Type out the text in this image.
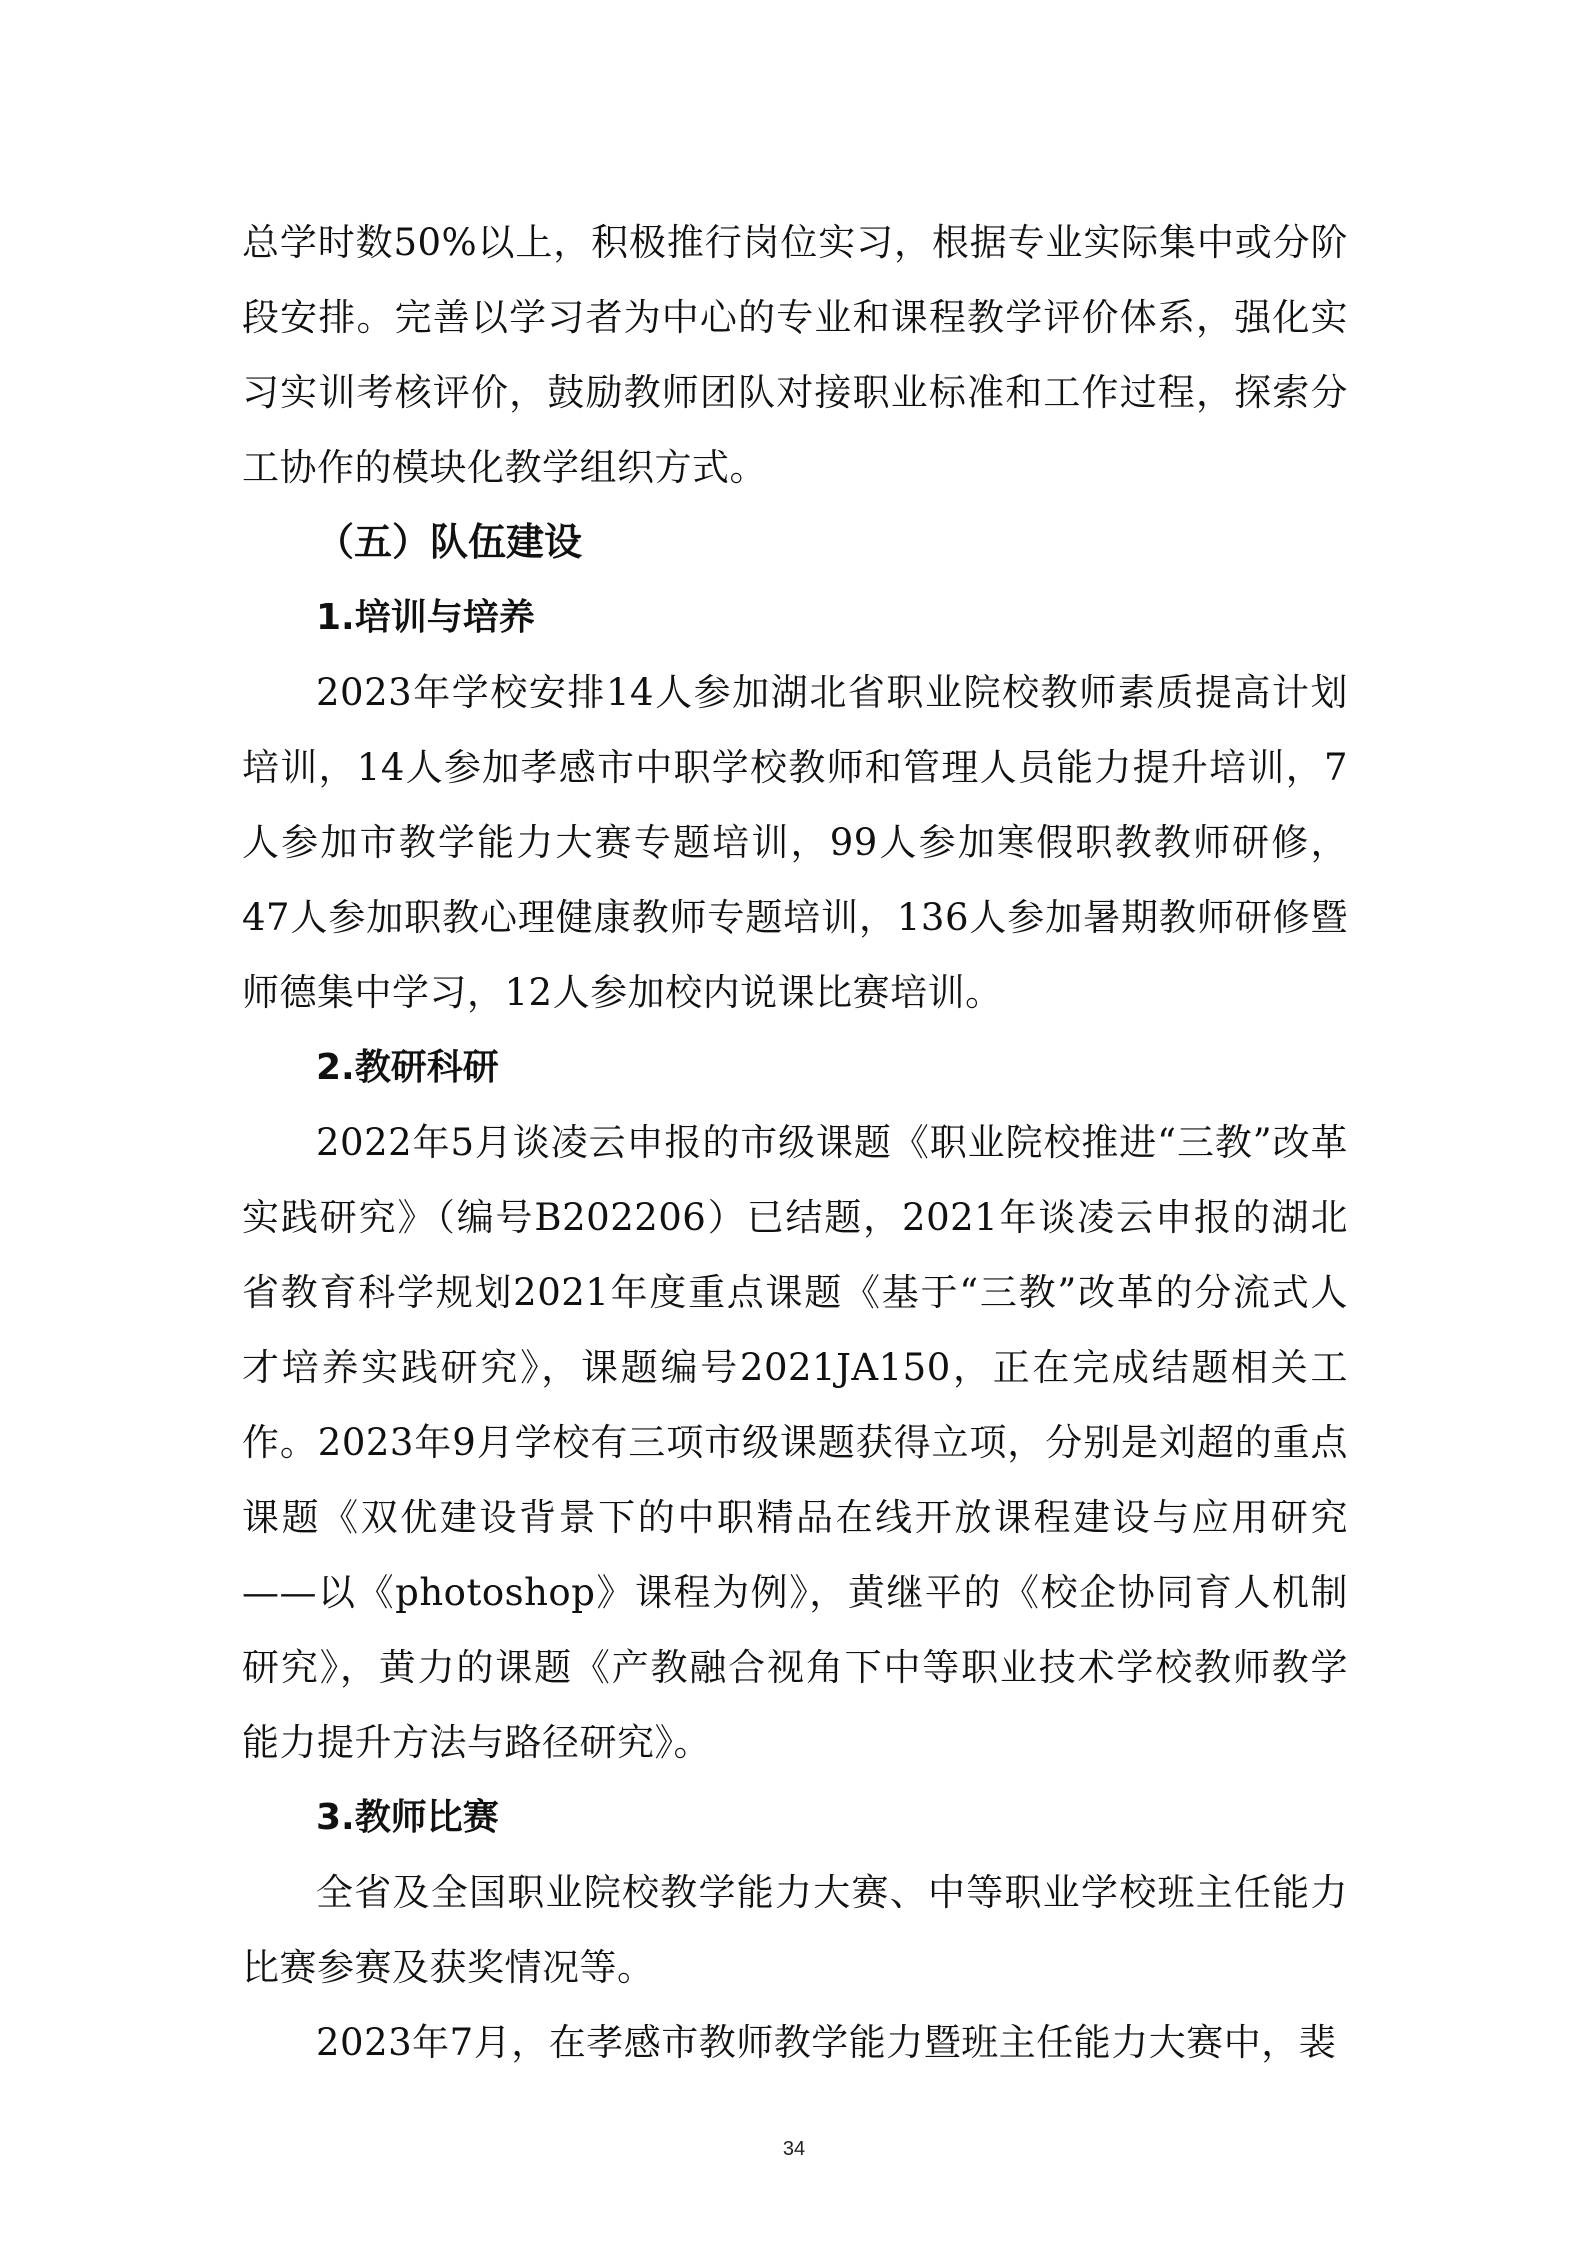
总学时数50%以上，积极推行岗位实习，根据专业实际集中或分阶段安排。完善以学习者为中心的专业和课程教学评价体系，强化实习实训考核评价，鼓励教师团队对接职业标准和工作过程，探索分工协作的模块化教学组织方式。

（五）队伍建设
1.培训与培养

2023年学校安排14人参加湖北省职业院校教师素质提高计划培训，14人参加孝感市中职学校教师和管理人员能力提升培训，7人参加市教学能力大赛专题培训，99人参加寒假职教教师研修，47人参加职教心理健康教师专题培训，136人参加暑期教师研修暨师德集中学习，12人参加校内说课比赛培训。

2.教研科研

2022年5月谈凌云申报的市级课题《职业院校推进“三教”改革实践研究》（编号B202206）已结题，2021年谈凌云申报的湖北省教育科学规划2021年度重点课题《基于“三教”改革的分流式人才培养实践研究》，课题编号2021JA150，正在完成结题相关工作。2023年9月学校有三项市级课题获得立项，分别是刘超的重点课题《双优建设背景下的中职精品在线开放课程建设与应用研究——以《photoshop》课程为例》，黄继平的《校企协同育人机制研究》，黄力的课题《产教融合视角下中等职业技术学校教师教学能力提升方法与路径研究》。

3.教师比赛

全省及全国职业院校教学能力大赛、中等职业学校班主任能力比赛参赛及获奖情况等。

2023年7月，在孝感市教师教学能力暨班主任能力大赛中，裴

34
